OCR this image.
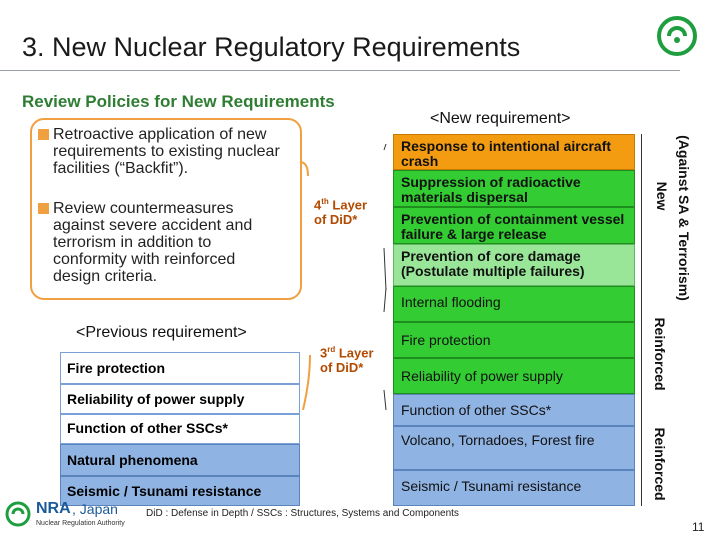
3. New Nuclear Regulatory Requirements
Review Policies for New Requirements
Retroactive application of new requirements to existing nuclear facilities (“Backfit”).
Review countermeasures against severe accident and terrorism in addition to conformity with reinforced design criteria.
4th Layer
of DiD*
3rd Layer
of DiD*
<New requirement>
Response to intentional aircraft crash
Suppression of radioactive materials dispersal
Prevention of containment vessel failure & large release
Prevention of core damage (Postulate multiple failures)
Internal flooding
Fire protection
Reliability of power supply
Function of other SSCs*
Volcano, Tornadoes, Forest fire
Seismic / Tsunami resistance
<Previous requirement>
Fire protection
Reliability of power supply
Function of other SSCs*
Natural phenomena
Seismic / Tsunami resistance
New (Against SA & Terrorism)
Reinforced
Reinforced
NRA , Japan
Nuclear Regulation Authority
DiD : Defense in Depth / SSCs : Structures, Systems and Components
11
